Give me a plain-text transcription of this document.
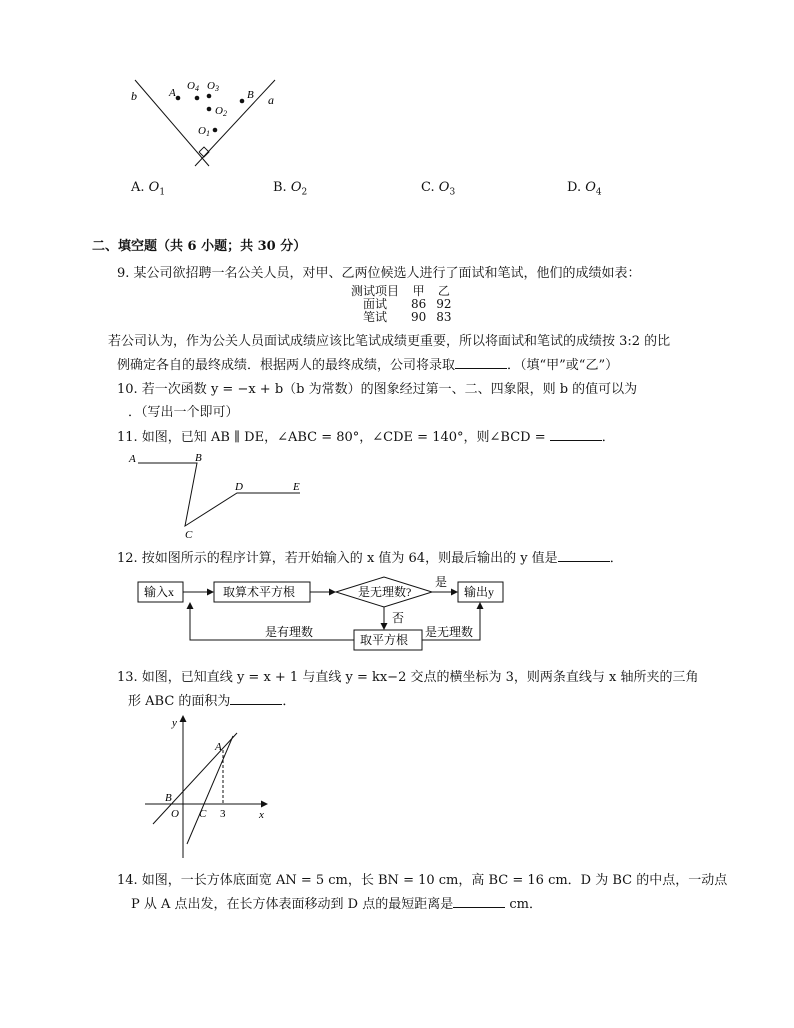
b	a
A
O4 O3
O2
B
O1
A. $O_1$	B. $O_2$	C. $O_3$	D. $O_4$
二、填空题（共 6 小题；共 30 分）
9. 某公司欲招聘一名公关人员，对甲、乙两位候选人进行了面试和笔试，他们的成绩如表：
测试项目	甲	乙
面试	86	92
笔试	90	83
若公司认为，作为公关人员面试成绩应该比笔试成绩更重要，所以将面试和笔试的成绩按 3:2 的比
例确定各自的最终成绩．根据两人的最终成绩，公司将录取	．（填“甲”或“乙”）
10. 若一次函数 y = −x + b（b 为常数）的图象经过第一、二、四象限，则 b 的值可以为
．（写出一个即可）
11. 如图，已知 AB ∥ DE，∠ABC = 80°，∠CDE = 140°，则∠BCD =	．
A	B
C
D	E
12. 按如图所示的程序计算，若开始输入的 x 值为 64，则最后输出的 y 值是	．
输入x	取算术平方根	是无理数?
是
输出y
否
取平方根
是无理数
是有理数
13. 如图，已知直线 y = x + 1 与直线 y = kx−2 交点的横坐标为 3，则两条直线与 x 轴所夹的三角
形 ABC 的面积为	．
y
x
A
B
O C 3
14. 如图，一长方体底面宽 AN = 5 cm，长 BN = 10 cm，高 BC = 16 cm．D 为 BC 的中点，一动点
P 从 A 点出发，在长方体表面移动到 D 点的最短距离是	cm．
